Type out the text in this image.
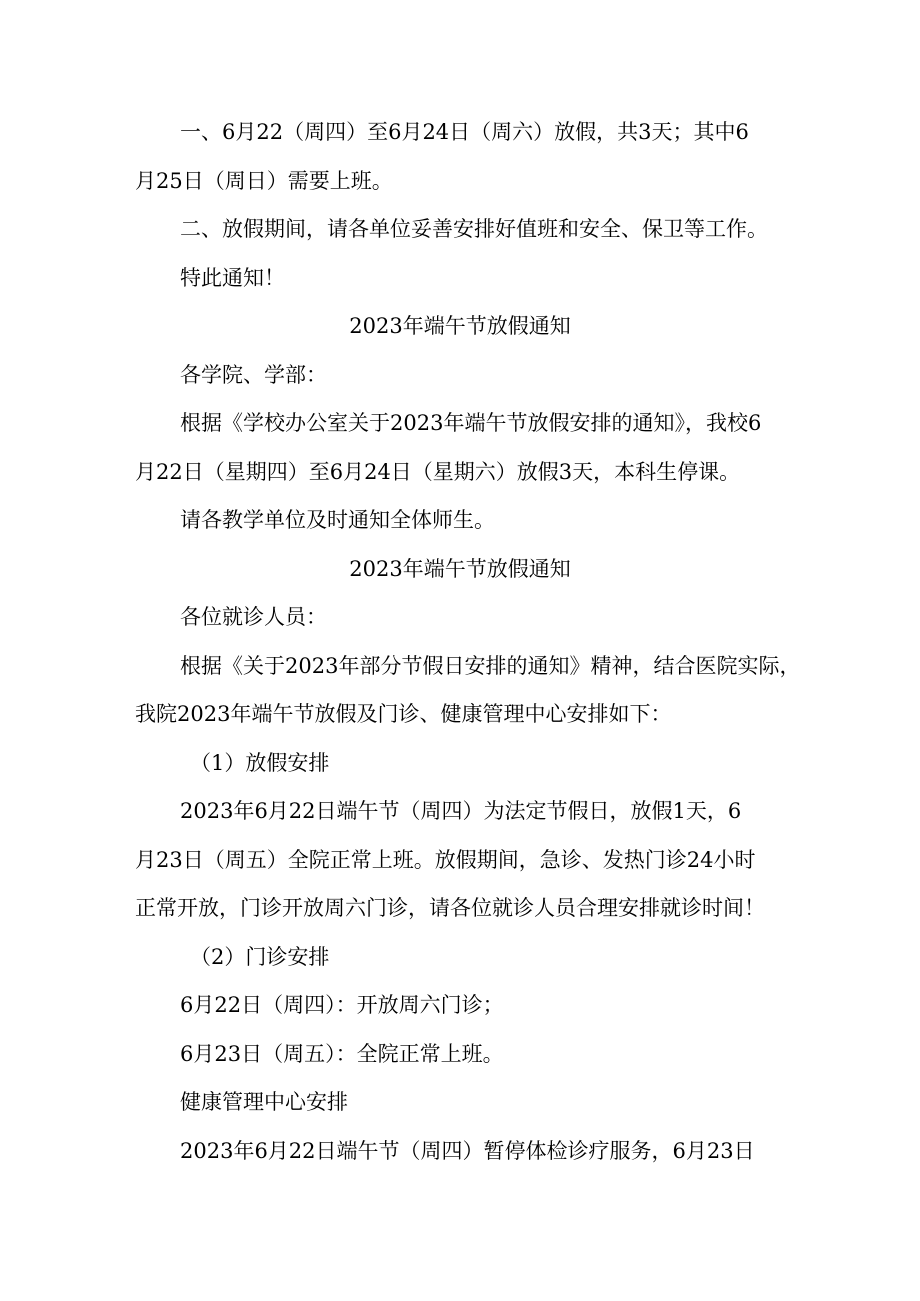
一、6月22（周四）至6月24日（周六）放假，共3天；其中6
月25日（周日）需要上班。
二、放假期间，请各单位妥善安排好值班和安全、保卫等工作。
特此通知！
2023年端午节放假通知
各学院、学部：
根据《学校办公室关于2023年端午节放假安排的通知》，我校6
月22日（星期四）至6月24日（星期六）放假3天，本科生停课。
请各教学单位及时通知全体师生。
2023年端午节放假通知
各位就诊人员：
根据《关于2023年部分节假日安排的通知》精神，结合医院实际，
我院2023年端午节放假及门诊、健康管理中心安排如下：
（1）放假安排
2023年6月22日端午节（周四）为法定节假日，放假1天，6
月23日（周五）全院正常上班。放假期间，急诊、发热门诊24小时
正常开放，门诊开放周六门诊，请各位就诊人员合理安排就诊时间！
（2）门诊安排
6月22日（周四）：开放周六门诊；
6月23日（周五）：全院正常上班。
健康管理中心安排
2023年6月22日端午节（周四）暂停体检诊疗服务，6月23日
